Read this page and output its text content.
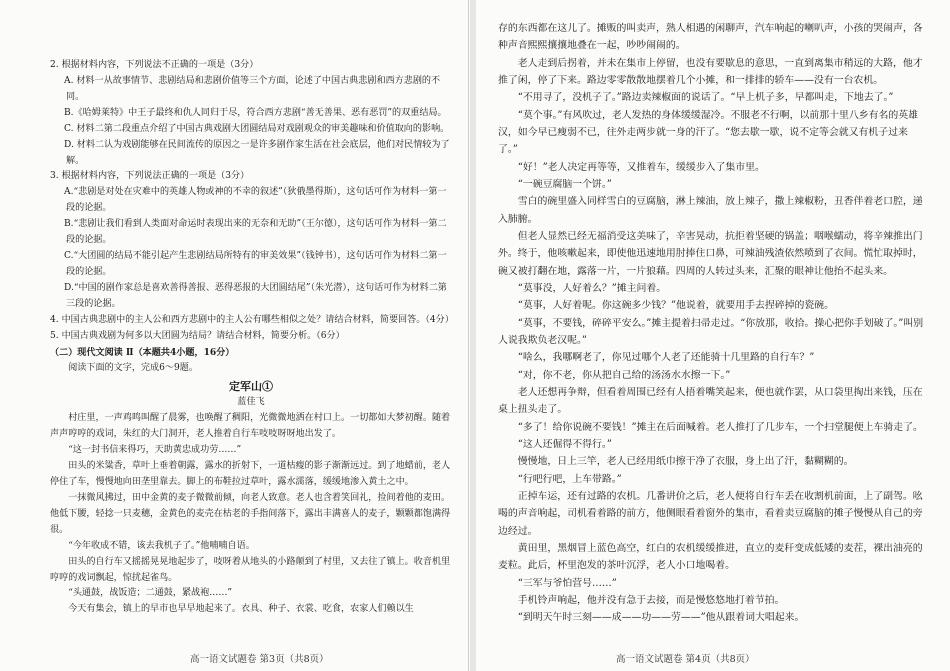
2. 根据材料内容，下列说法不正确的一项是（3分）

A. 材料一从故事情节、悲剧结局和悲剧价值等三个方面，论述了中国古典悲剧和西方悲剧的不同。

B.《哈姆莱特》中王子最终和仇人同归于尽，符合西方悲剧“善无善果、恶有恶罚”的双重结局。

C. 材料二第二段重点介绍了中国古典戏剧大团圆结局对戏剧观众的审美趣味和价值取向的影响。

D. 材料二认为戏剧能够在民间流传的原因之一是许多剧作家生活在社会底层，他们对民情较为了解。

3. 根据材料内容，下列说法正确的一项是（3分）

A.“悲剧是对处在灾难中的英雄人物或神的不幸的叙述”（狄俄墨得斯），这句话可作为材料一第一段的论据。

B.“悲剧让我们看到人类面对命运时表现出来的无奈和无助”（王尔德），这句话可作为材料一第二段的论据。

C.“大团圆的结局不能引起产生悲剧结局所特有的审美效果”（钱钟书），这句话可作为材料二第一段的论据。

D.“中国的剧作家总是喜欢善得善报、恶得恶报的大团圆结尾”（朱光潜），这句话可作为材料二第三段的论据。

4. 中国古典悲剧中的主人公和西方悲剧中的主人公有哪些相似之处？请结合材料，简要回答。（4分）

5. 中国古典戏剧为何多以大团圆为结局？请结合材料，简要分析。（6分）

（二）现代文阅读 Ⅱ（本题共4小题，16分）

阅读下面的文字，完成6～9题。

定军山①

蓝佳飞

村庄里，一声鸡鸣叫醒了晨雾，也唤醒了稠阳，光微微地洒在村口上。一切都如大梦初醒。随着声声哼哼的戏词，朱红的大门洞开，老人推着自行车吱吱呀呀地出发了。

“这一封书信来得巧，天助黄忠成功劳……”

田头的米粱香，草叶上垂着朝露，露水的折射下，一道枯瘦的影子渐渐远过。到了地蜡前，老人停住了车，慢慢地向田垄里靠去。脚上的布鞋拉过草叶，露水濡落，缓缓地渗入黄土之中。

一抹微风拂过，田中金黄的麦子微微前倾，向老人致意。老人也含着笑回礼，捡间着他的麦田。他低下腰，轻捻一只麦穗，金黄色的麦壳在枯老的手指间落下，露出丰满喜人的麦子，颗颗都饱满得很。

“今年收成不错，该去我机子了。”他喃喃自语。

田头的自行车又摇摇晃晃地起步了，吱呀着从地头的小路颠到了村里，又去往了镇上。收音机里哼哼的戏词飘起，惊扰起雀鸟。

“头通鼓，战饭造；二通鼓，紧战袍……”

今天有集会，镇上的早市也早早地起来了。衣具、种子、衣裳、吃食，农家人们赖以生

高一语文试题卷 第3页（共8页）

存的东西都在这儿了。摊贩的叫卖声，熟人相遇的闲聊声，汽车响起的喇叭声，小孩的哭闹声，各种声音熙熙攘攘地叠在一起，吵吵闹闹的。

老人走到后拐着，并未在集市上停留，也没有要歇息的意思，一直到离集市稍远的大路，他才推了闲，停了下来。路边零零散散地摆着几个小摊，和一排排的轿车——没有一台农机。

“不用寻了，没机子了。”路边卖辣椒面的说话了。“早上机子多，早都叫走，下地去了。”

“莫个事。”有风吹过，老人发热的身体缓缓湿冷。不服老不行啊，以前那十里八乡有名的英雄汉，如今早已瘦弱不已，往外走两步就一身的汗了。“您去歇一歇，说不定等会就又有机子过来了。”

“好！”老人决定再等等，又推着车，缓缓步入了集市里。

“一碗豆腐脑一个饼。”

雪白的碗里盛入同样雪白的豆腐脑，淋上辣油，放上辣子，撒上辣椒粉，丑香伴着老口腔，递入肺腑。

但老人显然已经无福消受这美味了，辛害晃动，抗拒着坚硬的锅盖；咽喉蠕动，将辛辣推出门外。终于，他咳嗽起来，即使他迅速地用肘捧住口鼻，可辣油残渣依然喷到了衣间。慌忙取掉时，碗又被打翻在地，露落一片，一片狼藉。四周的人转过头来，汇聚的眼神让他抬不起头来。

“莫事没，人好着么？”摊主问着。

“莫事，人好着呢。你这碗多少钱？”他说着，就要用手去捏碎掉的瓷碗。

“莫事，不要钱，碎碎平安么。”摊主提着扫帚走过。“你放那，收拾。操心把你手划破了。”叫别人说我欺负老汉呢。”

“啥么，我哪啊老了，你见过哪个人老了还能骑十几里路的自行车？”

“对，你不老，你从把自己给的汤汤水水擦一下。”

老人还想再争辩，但看着周围已经有人捂着嘴笑起来，便也就作罢，从口袋里掏出来钱，压在桌上扭头走了。

“多了！给你说碗不要钱！”摊主在后面喊着。老人推打了几步车，一个扫堂腿便上车骑走了。

“这人还倔得不得行。”

慢慢地，日上三竿，老人已经用纸巾擦干净了衣服，身上出了汗，黏糊糊的。

“行吧行吧，上车带路。”

正掉车运，还有过路的农机。几番讲价之后，老人便将自行车丢在收割机前面，上了副驾。吆喝的声音响起，司机看着路的前方，他侧眼看着窗外的集市，看着卖豆腐脑的摊子慢慢从自己的旁边经过。

黄田里，黑烟冒上蓝色高空，红白的农机缓缓推进，直立的麦秆变成低矮的麦茬，裸出油亮的麦粒。此后，杯里泡发的茶叶沉浮，老人小口地喝着。

“三军与爷怕营号……”

手机铃声响起，他并没有急于去接，而是慢悠悠地打着节拍。

“到明天午时三刻——成——功——劳——”他从跟着词大唱起来。

高一语文试题卷 第4页（共8页）
